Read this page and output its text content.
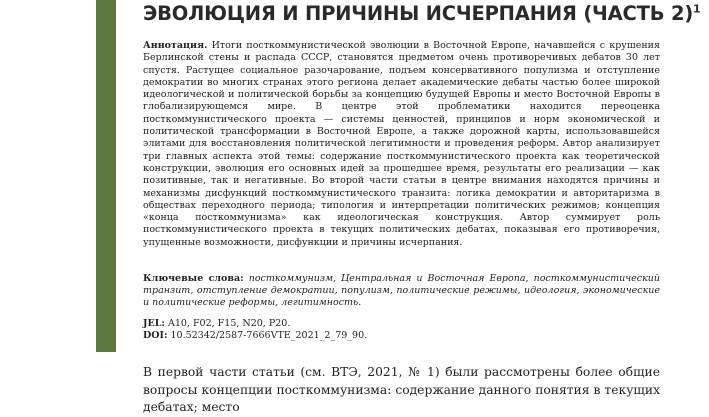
ЭВОЛЮЦИЯ И ПРИЧИНЫ ИСЧЕРПАНИЯ (ЧАСТЬ 2)$^1$

Аннотация. Итоги посткоммунистической эволюции в Восточной Европе, начавшейся с крушения Берлинской стены и распада СССР, становятся предметом очень противоречивых дебатов 30 лет спустя. Растущее социальное разочарование, подъем консервативного популизма и отступление демократии во многих странах этого региона делает академические дебаты частью более широкой идеологической и политической борьбы за концепцию будущей Европы и место Восточной Европы в глобализирующемся мире. В центре этой проблематики находится переоценка посткоммунистического проекта — системы ценностей, принципов и норм экономической и политической трансформации в Восточной Европе, а также дорожной карты, использовавшейся элитами для восстановления политической легитимности и проведения реформ. Автор анализирует три главных аспекта этой темы: содержание посткоммунистического проекта как теоретической конструкции, эволюция его основных идей за прошедшее время, результаты его реализации — как позитивные, так и негативные. Во второй части статьи в центре внимания находятся причины и механизмы дисфункций посткоммунистического транзита: логика демократии и авторитаризма в обществах переходного периода; типология и интерпретации политических режимов; концепция «конца посткоммунизма» как идеологическая конструкция. Автор суммирует роль посткоммунистического проекта в текущих политических дебатах, показывая его противоречия, упущенные возможности, дисфункции и причины исчерпания.

Ключевые слова: посткоммунизм, Центральная и Восточная Европа, посткоммунистический транзит, отступление демократии, популизм, политические режимы, идеология, экономические и политические реформы, легитимность.

JEL: A10, F02, F15, N20, P20.

DOI: 10.52342/2587-7666VTE_2021_2_79_90.

В первой части статьи (см. ВТЭ, 2021, № 1) были рассмотрены более общие вопросы концепции посткоммунизма: содержание данного понятия в текущих дебатах; место
